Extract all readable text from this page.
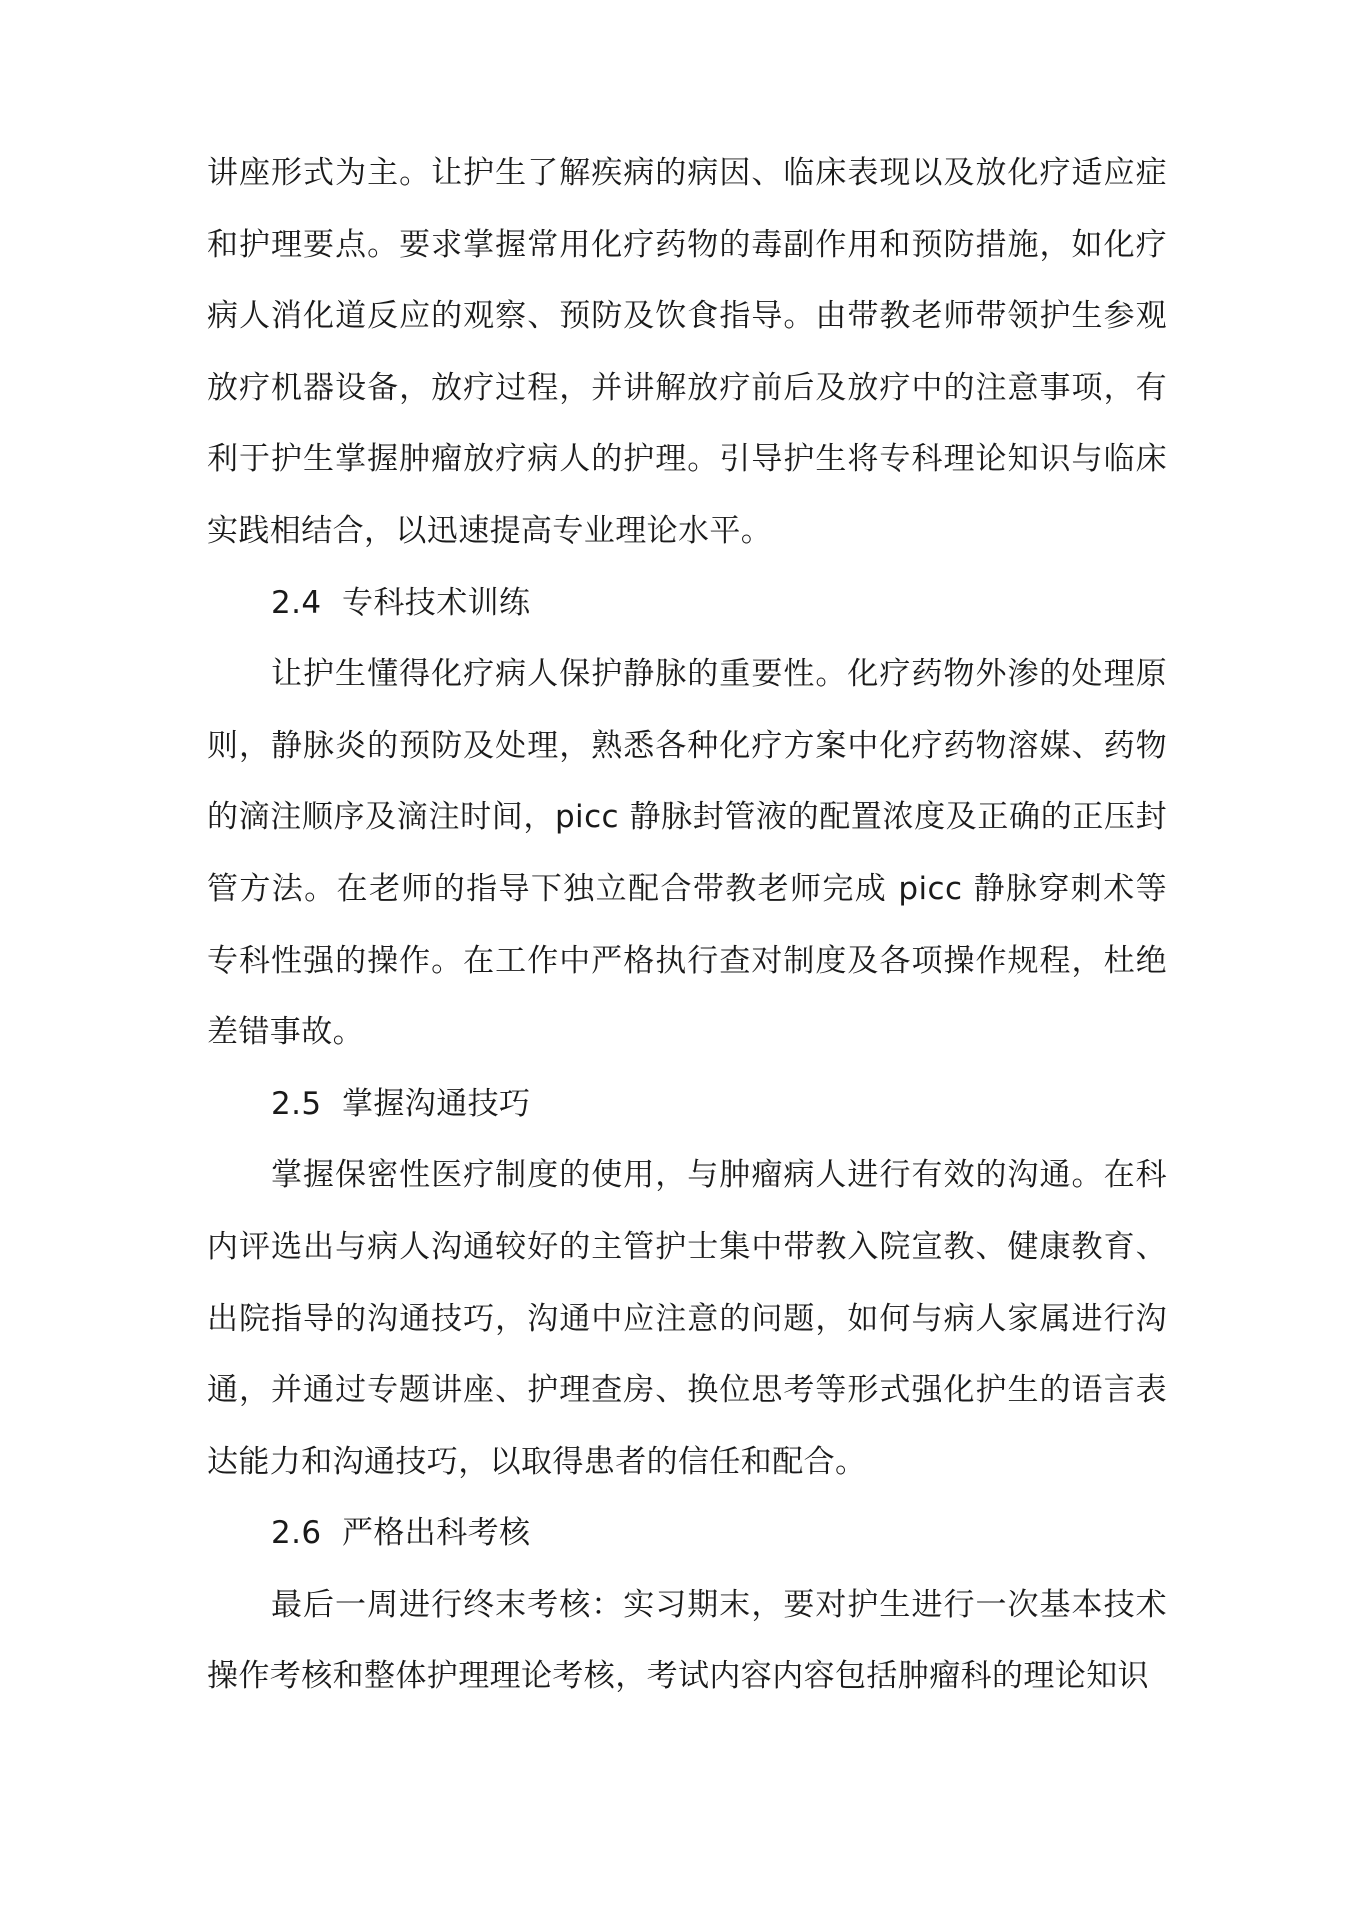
讲座形式为主。让护生了解疾病的病因、临床表现以及放化疗适应症和护理要点。要求掌握常用化疗药物的毒副作用和预防措施，如化疗病人消化道反应的观察、预防及饮食指导。由带教老师带领护生参观放疗机器设备，放疗过程，并讲解放疗前后及放疗中的注意事项，有利于护生掌握肿瘤放疗病人的护理。引导护生将专科理论知识与临床实践相结合，以迅速提高专业理论水平。

2.4  专科技术训练

让护生懂得化疗病人保护静脉的重要性。化疗药物外渗的处理原则，静脉炎的预防及处理，熟悉各种化疗方案中化疗药物溶媒、药物的滴注顺序及滴注时间，picc 静脉封管液的配置浓度及正确的正压封管方法。在老师的指导下独立配合带教老师完成 picc 静脉穿刺术等专科性强的操作。在工作中严格执行查对制度及各项操作规程，杜绝差错事故。

2.5  掌握沟通技巧

掌握保密性医疗制度的使用，与肿瘤病人进行有效的沟通。在科内评选出与病人沟通较好的主管护士集中带教入院宣教、健康教育、出院指导的沟通技巧，沟通中应注意的问题，如何与病人家属进行沟通，并通过专题讲座、护理查房、换位思考等形式强化护生的语言表达能力和沟通技巧，以取得患者的信任和配合。

2.6  严格出科考核

最后一周进行终末考核：实习期末，要对护生进行一次基本技术操作考核和整体护理理论考核，考试内容内容包括肿瘤科的理论知识
